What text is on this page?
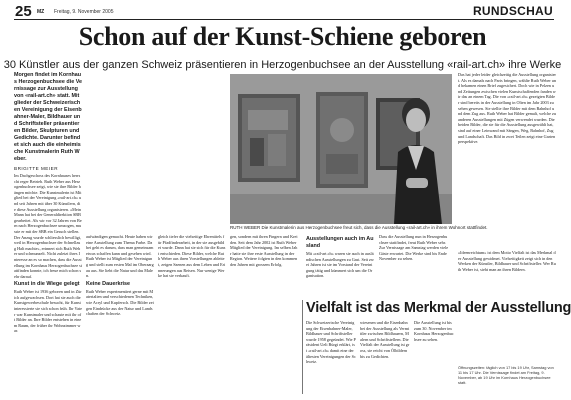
25 MZ Freitag, 9. November 2005	RUNDSCHAU
Schon auf der Kunst-Schiene geboren
30 Künstler aus der ganzen Schweiz präsentieren in Herzogenbuchsee an der Ausstellung «rail-art.ch» ihre Werke
Morgen findet im Kornhaus Herzogenbuchsee die Vernissage zur Ausstellung von «rail-art.ch» statt. Mitglieder der Schweizerischen Vereinigung der Eisenbahner-Maler, Bildhauer und Schriftsteller präsentieren Bilder, Skulpturen und Gedichte. Darunter befindet sich auch die einheimische Kunstmalerin Ruth Weber.
BRIGITTE MEIER
Im Dachgeschoss des Kornhauses herrscht reger Betrieb. Ruth Weber aus Herzogenbuchsee zeigt, wie sie ihre Bilder hängen möchte. Die Kunstmalerin ist Mitglied bei der Vereinigung «rail-art.ch» und seit Jahren mit über 30 Künstlern, die diese Ausstellung organisieren. «Mein Mann hat bei der Generaldirektion SBB gearbeitet. Als wir vor 32 Jahren von Bern nach Herzogenbuchsee umzogen, musste er mit der SBB ein Gesuch stellen. Der Anzug wurde schliesslich bewilligt, weil in Herzogenbuchsee der Schnellzug Halt machte», erinnert sich Ruth Weber und schmunzelt. Nicht zuletzt ihres Interesse an es so machen, dass die Ausstellung im Kornhaus Herzogenbuchsee stattfinden konnte, ich freue mich schon sehr darauf.
Kunst in die Wiege gelegt
Ruth Weber ist 1936 geboren und in Zürich aufgewachsen. Dort hat sie auch die Kunstgewerbeschule besucht, für Kunst interessierte sie sich schon früh. Ihr Vater war Kunstmaler und schaute mit ihr oft Bilder an. Ihre Bilder entstehen in einem Raum, der früher ihr Wohnzimmer war.
RUTH WEBER Die Kunstmalerin aus Herzogenbuchsee freut sich, dass die Ausstellung «rail-art.ch» in ihrem Wohnort stattfindet.
aufwändigen gemacht. Heute haben wir eine Ausstellung zum Thema Farbe. Dabei geht es darum, dass man gemeinsam etwas schaffen kann und gesehen wird. Ruth Weber ist Mitglied der Vereinigung und stellt zum ersten Mal im Oberaargau aus. Sie liebt die Natur und das Malen.
Keine Dauerkrise
Ruth Weber experimentiert gerne mit Materialien und verschiedenen Techniken, wie Acryl und Kupfersch. Die Bilder zeigen Eindrücke aus der Natur und Landschaften der Schweiz.
gleich tiefer die vielseitige Ehrentitels für Pfadfinderarbeit, in der sie ausgebildet wurde. Dann hat sie sich für die Kunst entschieden. Diese Bilder, welche Ruth Weber aus ihren Vorstellungen ableitet, zeigen Szenen aus dem Leben und Erinnerungen aus Reisen. Nur wenige Werke hat sie verkauft.
gen, sondern mit ihren Fingern und Kreiden. Seit dem Jahr 2002 ist Ruth Weber Mitglied der Vereinigung. Im selben Jahr hatte sie ihre erste Ausstellung in der Region. Weitere folgten in den kommenden Jahren mit grossem Erfolg.
Ausstellungen auch im Ausland
Mit «rail-art.ch» waren sie auch in ausländischen Ausstellungen zu Gast. Seit zwei Jahren ist sie im Vorstand der Vereinigung tätig und kümmert sich um die Organisation.
Dass die Ausstellung nun in Herzogenbuchsee stattfindet, freut Ruth Weber sehr. Zur Vernissage am Samstag werden viele Gäste erwartet. Die Werke sind bis Ende November zu sehen.
Das hat jeder leider gleichzeitig die Ausstellung organisiert. Als es damals nach Paris bringen, wählte Ruth Weber und bekamen einen Brief zugesichert. Doch wie in Pelzen und Zeitungen zwischen vielen Kunstschaffenden fanden wir das an einem Tag. Die von «rail-art.ch» gezeigten Bilder sind bereits in der Ausstellung in Olten im Jahr 2003 zu sehen gewesen. Sie stellte ihre Bilder mit dem Bahnhof und dem Zug aus. Ruth Weber hat Bilder gemalt, welche zu anderen Ausstellungen mit Zügen verwendet wurden. Die beiden Bilder, die sie für die Ausstellung ausgewählt hat, sind auf einer Leinwand mit Sängen, Weg, Bahnhof, Zug und Landschaft. Das Bild in zwei Teilen zeigt eine Gartenperspektive.
Vielfalt ist das Merkmal der Ausstellung
Die Schweizerische Vereinigung der Eisenbahner-Maler, Bildhauer und Schriftsteller wurde 1958 gegründet. Wie Präsident Ueli Bürgi erklärt, ist «rail-art.ch» damit eine der ältesten Vereinigungen der Schweiz.
wiesenen und die Eisenbahn bei der Ausstellung als Vermittler zwischen Bildhauern, Malern und Schriftstellern. Die Vielfalt der Ausstellung ist gross, sie reicht von Ölbildern bis zu Gedichten.
Die Ausstellung ist bis zum 30. November im Kornhaus Herzogenbuchsee zu sehen.
«Ideenreichtum» ist dem Motto Vielfalt ist das Merkmal der Ausstellung gewidmet. Vielseitigkeit zeigt sich in den Werken der Künstler, Bildhauer und Schriftsteller. Wer Ruth Weber ist, sieht man an ihren Bildern.
Öffnungszeiten: täglich von 17 bis 19 Uhr, Samstag von 11 bis 17 Uhr. Die Vernissage findet am Freitag, 9. November, ab 19 Uhr im Kornhaus Herzogenbuchsee statt.
